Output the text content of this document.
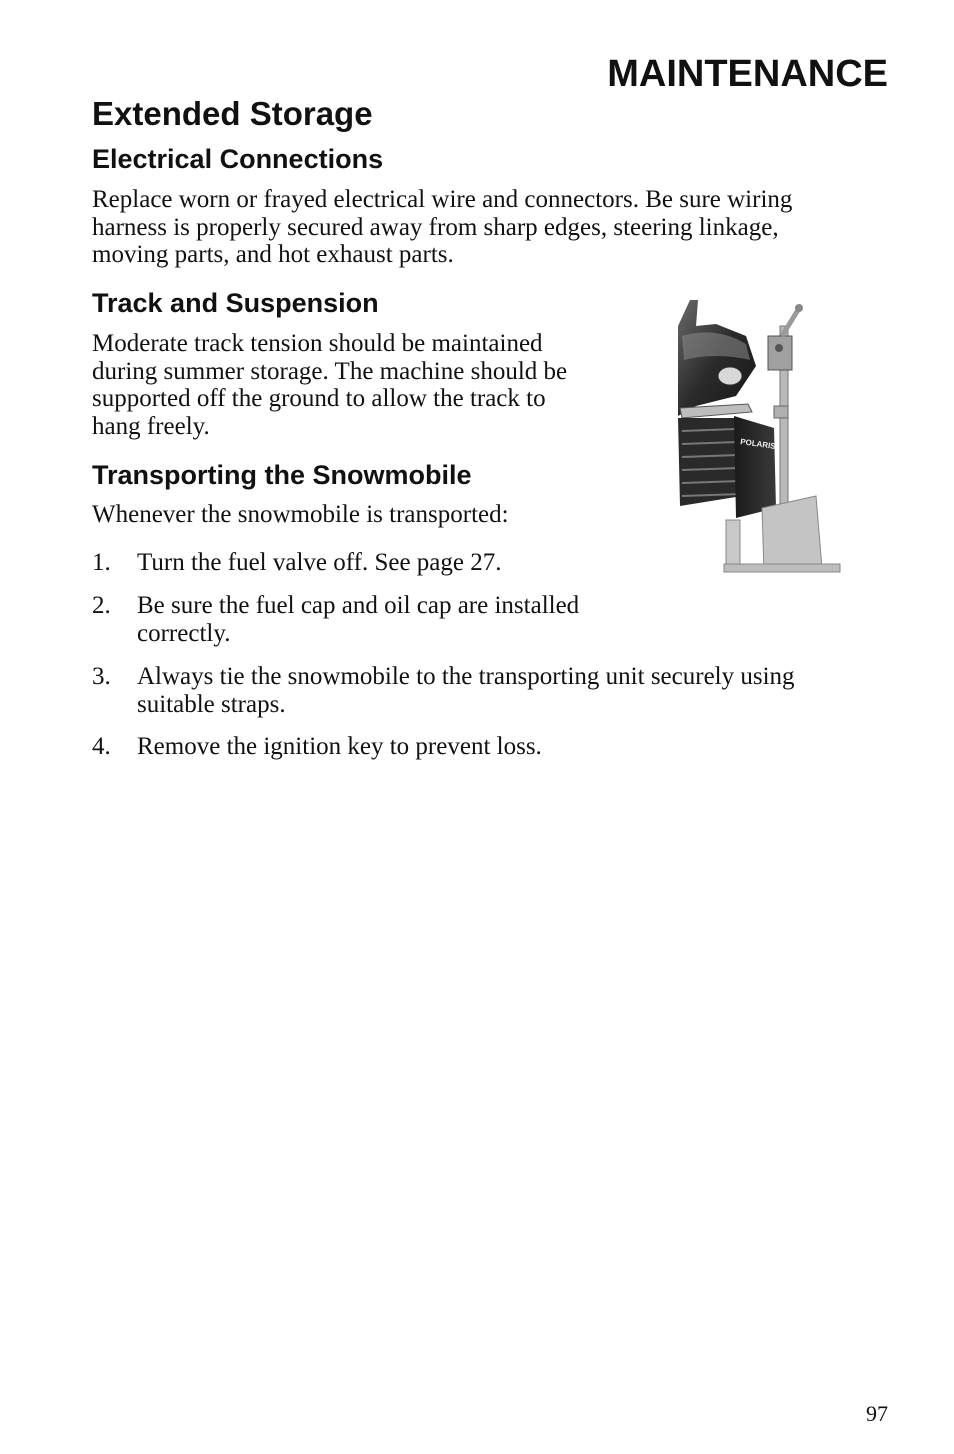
MAINTENANCE
Extended Storage
Electrical Connections
Replace worn or frayed electrical wire and connectors. Be sure wiring
harness is properly secured away from sharp edges, steering linkage,
moving parts, and hot exhaust parts.
Track and Suspension
Moderate track tension should be maintained
during summer storage. The machine should be
supported off the ground to allow the track to
hang freely.
Transporting the Snowmobile
Whenever the snowmobile is transported:
1.	Turn the fuel valve off. See page 27.
2.	Be sure the fuel cap and oil cap are installed
correctly.
3.	Always tie the snowmobile to the transporting unit securely using
suitable straps.
4.	Remove the ignition key to prevent loss.
POLARIS
97
